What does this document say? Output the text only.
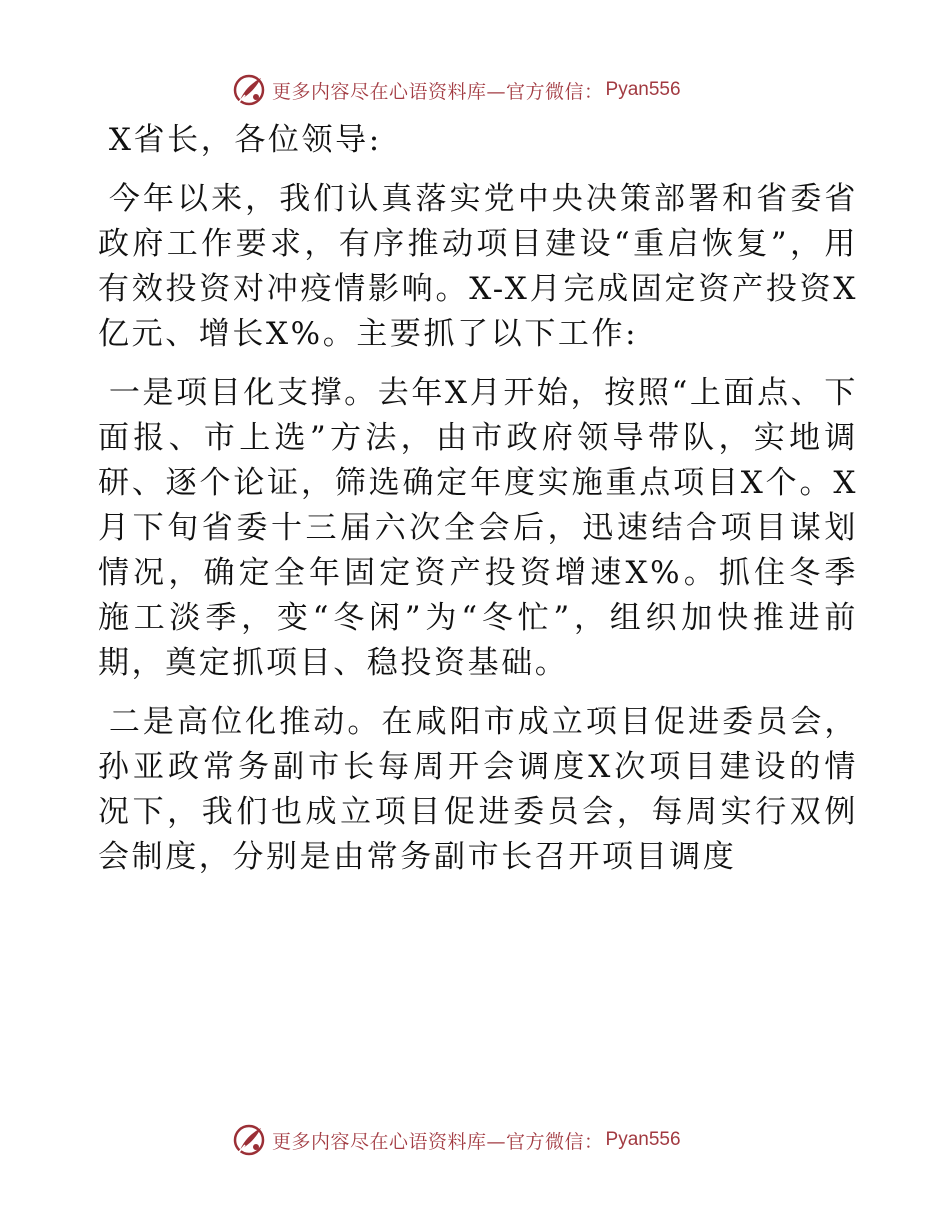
更多内容尽在心语资料库—官方微信： Pyan556

X省长，各位领导:

今年以来，我们认真落实党中央决策部署和省委省政府工作要求，有序推动项目建设“重启恢复”，用有效投资对冲疫情影响。X-X月完成固定资产投资X亿元、增长X%。主要抓了以下工作:

一是项目化支撑。去年X月开始，按照“上面点、下面报、市上选”方法，由市政府领导带队，实地调研、逐个论证，筛选确定年度实施重点项目X个。X月下旬省委十三届六次全会后，迅速结合项目谋划情况，确定全年固定资产投资增速X%。抓住冬季施工淡季，变“冬闲”为“冬忙”，组织加快推进前期，奠定抓项目、稳投资基础。

二是高位化推动。在咸阳市成立项目促进委员会，孙亚政常务副市长每周开会调度X次项目建设的情况下，我们也成立项目促进委员会，每周实行双例会制度，分别是由常务副市长召开项目调度

更多内容尽在心语资料库—官方微信： Pyan556
